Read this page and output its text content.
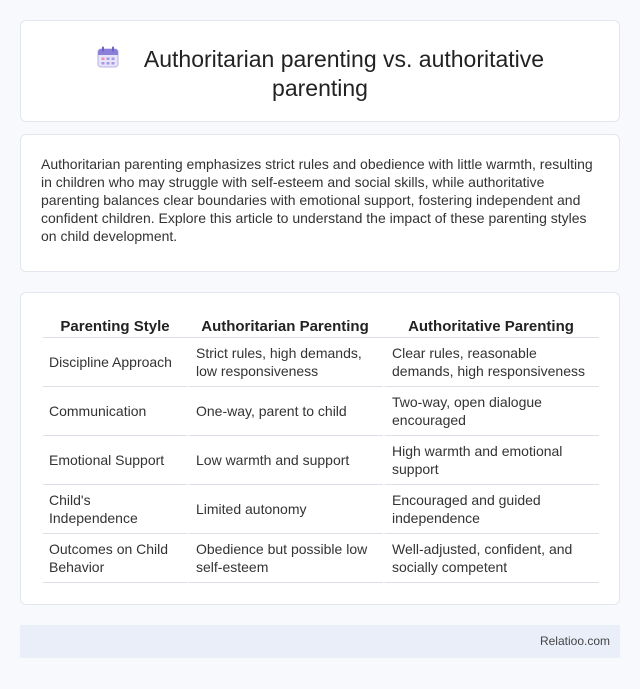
Authoritarian parenting vs. authoritative parenting

Authoritarian parenting emphasizes strict rules and obedience with little warmth, resulting in children who may struggle with self-esteem and social skills, while authoritative parenting balances clear boundaries with emotional support, fostering independent and confident children. Explore this article to understand the impact of these parenting styles on child development.

Parenting Style	Authoritarian Parenting	Authoritative Parenting
Discipline Approach	Strict rules, high demands, low responsiveness	Clear rules, reasonable demands, high responsiveness
Communication	One-way, parent to child	Two-way, open dialogue encouraged
Emotional Support	Low warmth and support	High warmth and emotional support
Child's Independence	Limited autonomy	Encouraged and guided independence
Outcomes on Child Behavior	Obedience but possible low self-esteem	Well-adjusted, confident, and socially competent
Relatioo.com
